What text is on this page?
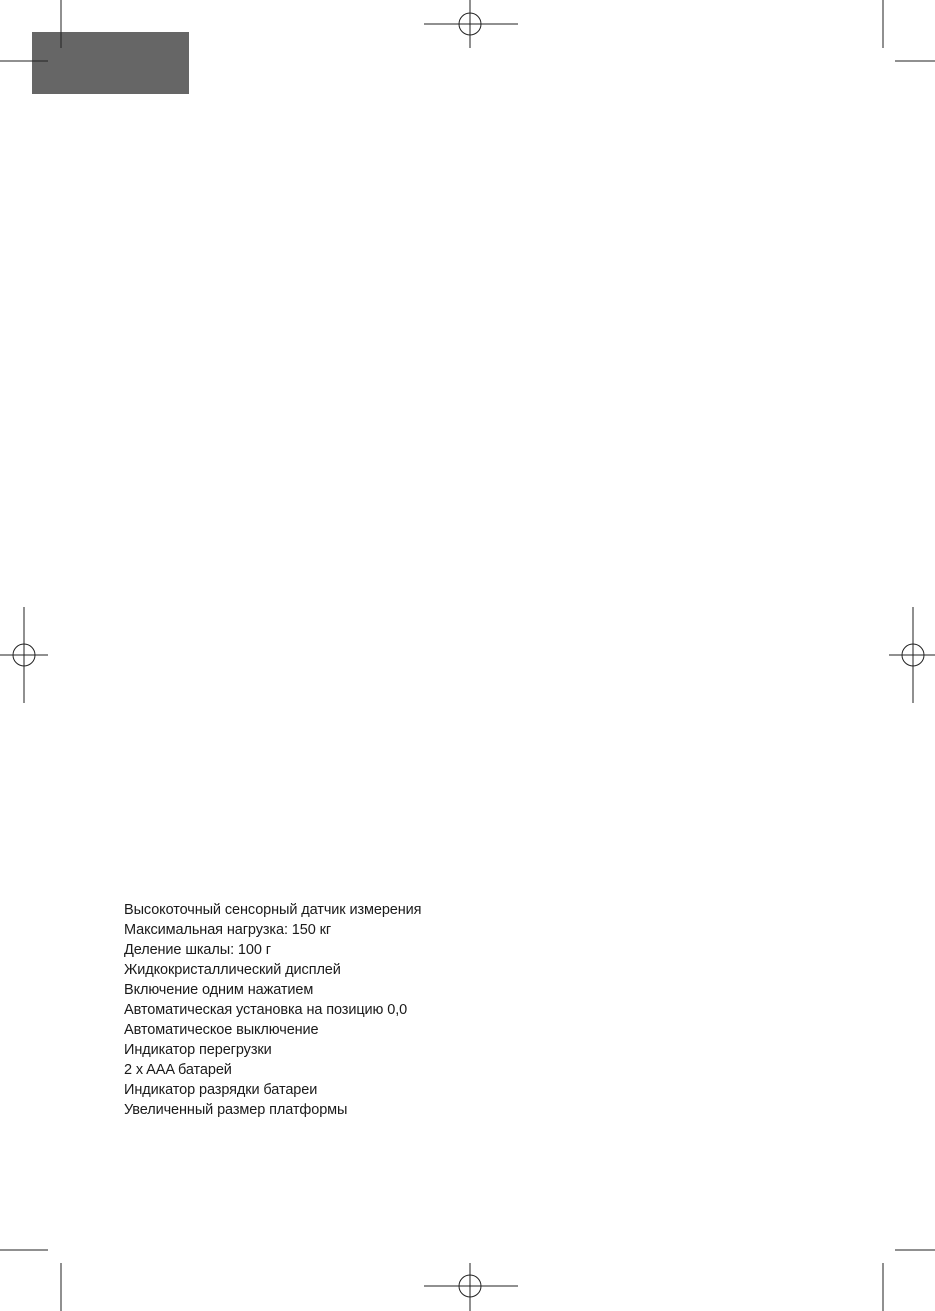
Высокоточный сенсорный датчик измерения
Максимальная нагрузка: 150 кг
Деление шкалы: 100 г
Жидкокристаллический дисплей
Включение одним нажатием
Автоматическая установка на позицию 0,0
Автоматическое выключение
Индикатор перегрузки
2 x AAA батарей
Индикатор разрядки батареи
Увеличенный размер платформы
